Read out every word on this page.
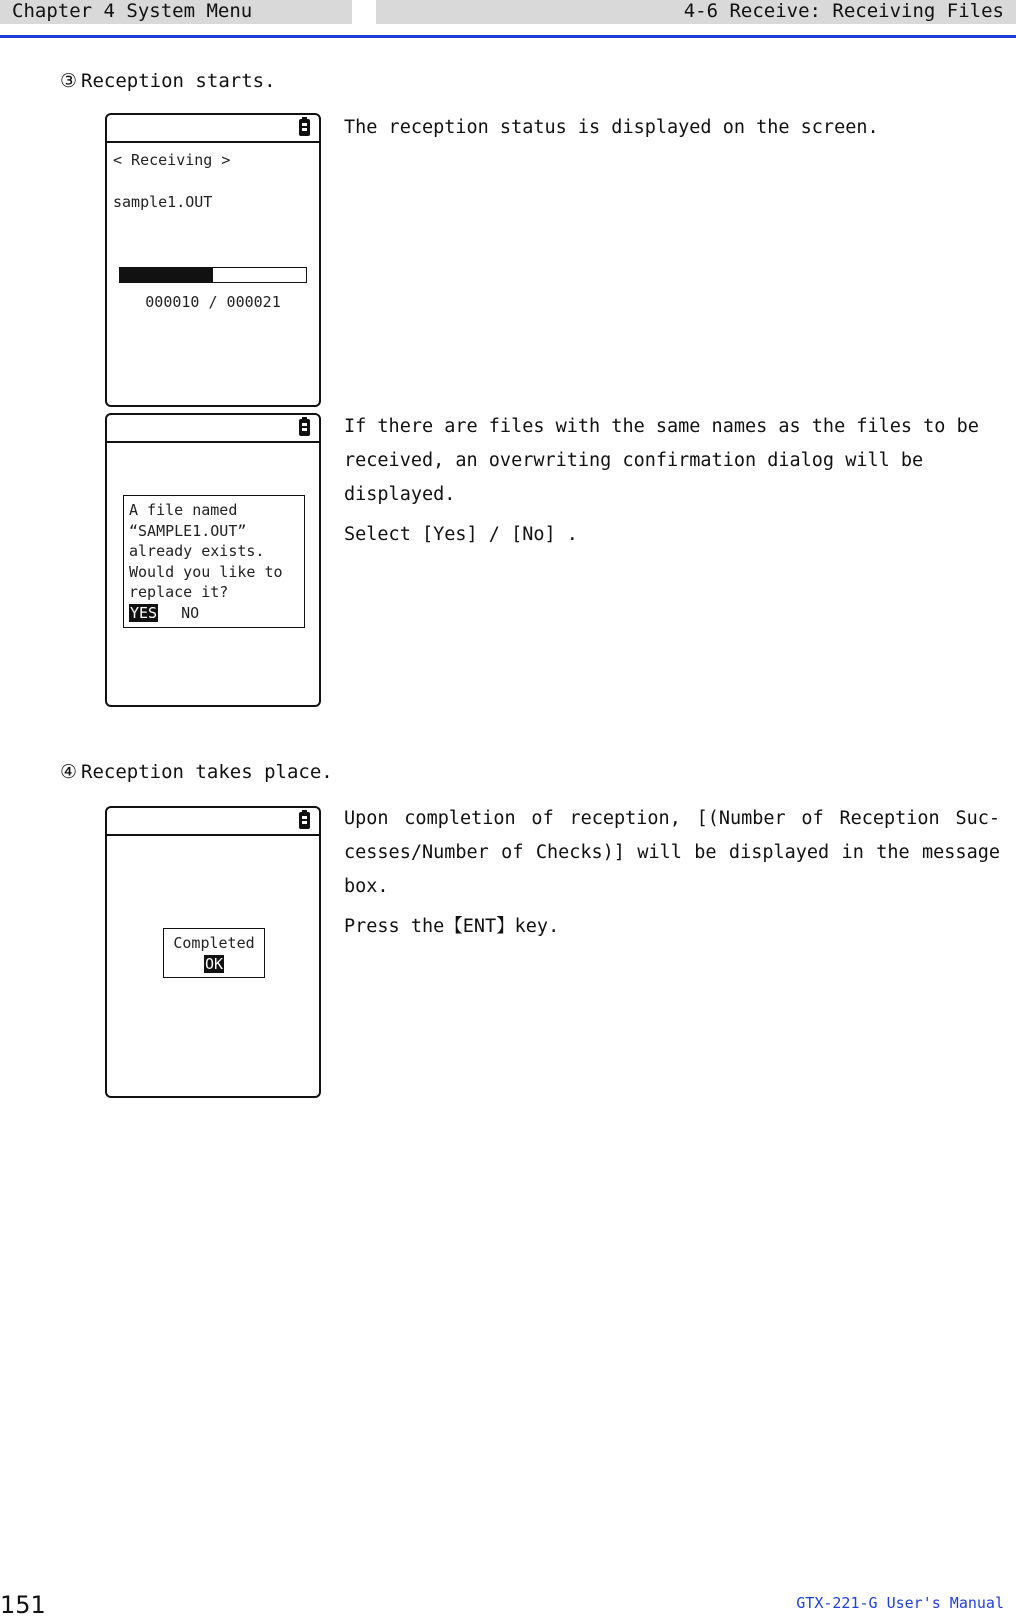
Chapter 4 System Menu	4-6 Receive: Receiving Files
③ Reception starts.
< Receiving >
sample1.OUT
000010 / 000021

The reception status is displayed on the screen.

A file named
“SAMPLE1.OUT”
already exists.
Would you like to
replace it?
YES NO

If there are files with the same names as the files to be received, an overwriting confirmation dialog will be displayed.

Select [Yes] / [No] .

④ Reception takes place.
Completed
OK

Upon completion of reception, [(Number of Reception Suc-cesses/Number of Checks)] will be displayed in the message box.

Press the【ENT】key.

151	GTX-221-G User's Manual
